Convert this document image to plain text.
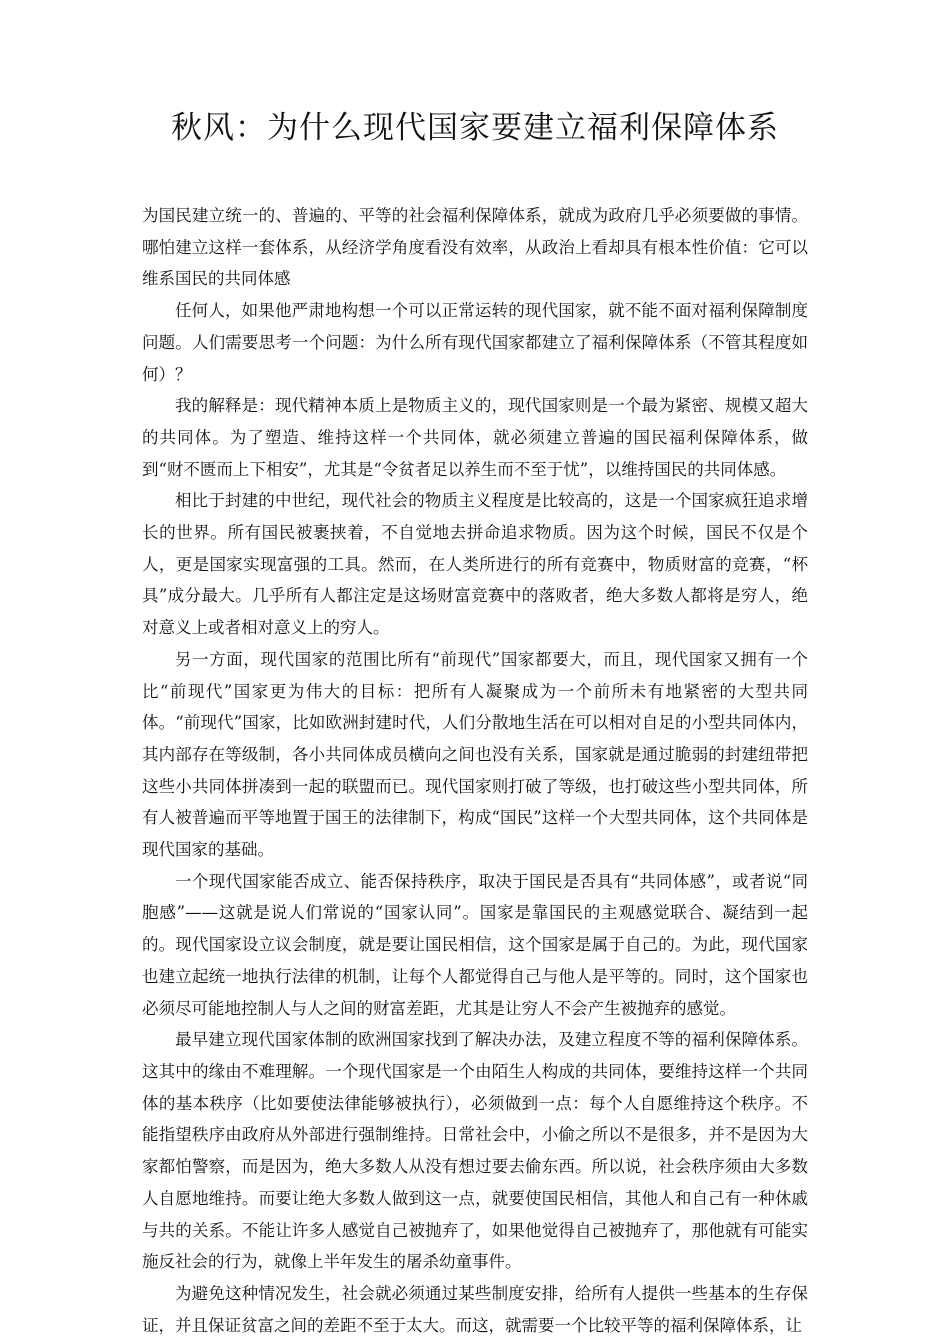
秋风：为什么现代国家要建立福利保障体系

为国民建立统一的、普遍的、平等的社会福利保障体系，就成为政府几乎必须要做的事情。哪怕建立这样一套体系，从经济学角度看没有效率，从政治上看却具有根本性价值：它可以维系国民的共同体感

任何人，如果他严肃地构想一个可以正常运转的现代国家，就不能不面对福利保障制度问题。人们需要思考一个问题：为什么所有现代国家都建立了福利保障体系（不管其程度如何）？

我的解释是：现代精神本质上是物质主义的，现代国家则是一个最为紧密、规模又超大的共同体。为了塑造、维持这样一个共同体，就必须建立普遍的国民福利保障体系，做到“财不匮而上下相安”，尤其是“令贫者足以养生而不至于忧”，以维持国民的共同体感。

相比于封建的中世纪，现代社会的物质主义程度是比较高的，这是一个国家疯狂追求增长的世界。所有国民被裹挟着，不自觉地去拼命追求物质。因为这个时候，国民不仅是个人，更是国家实现富强的工具。然而，在人类所进行的所有竞赛中，物质财富的竞赛，“杯具”成分最大。几乎所有人都注定是这场财富竞赛中的落败者，绝大多数人都将是穷人，绝对意义上或者相对意义上的穷人。

另一方面，现代国家的范围比所有“前现代”国家都要大，而且，现代国家又拥有一个比“前现代”国家更为伟大的目标：把所有人凝聚成为一个前所未有地紧密的大型共同体。“前现代”国家，比如欧洲封建时代，人们分散地生活在可以相对自足的小型共同体内，其内部存在等级制，各小共同体成员横向之间也没有关系，国家就是通过脆弱的封建纽带把这些小共同体拼凑到一起的联盟而已。现代国家则打破了等级，也打破这些小型共同体，所有人被普遍而平等地置于国王的法律制下，构成“国民”这样一个大型共同体，这个共同体是现代国家的基础。

一个现代国家能否成立、能否保持秩序，取决于国民是否具有“共同体感”，或者说“同胞感”——这就是说人们常说的“国家认同”。国家是靠国民的主观感觉联合、凝结到一起的。现代国家设立议会制度，就是要让国民相信，这个国家是属于自己的。为此，现代国家也建立起统一地执行法律的机制，让每个人都觉得自己与他人是平等的。同时，这个国家也必须尽可能地控制人与人之间的财富差距，尤其是让穷人不会产生被抛弃的感觉。

最早建立现代国家体制的欧洲国家找到了解决办法，及建立程度不等的福利保障体系。这其中的缘由不难理解。一个现代国家是一个由陌生人构成的共同体，要维持这样一个共同体的基本秩序（比如要使法律能够被执行），必须做到一点：每个人自愿维持这个秩序。不能指望秩序由政府从外部进行强制维持。日常社会中，小偷之所以不是很多，并不是因为大家都怕警察，而是因为，绝大多数人从没有想过要去偷东西。所以说，社会秩序须由大多数人自愿地维持。而要让绝大多数人做到这一点，就要使国民相信，其他人和自己有一种休戚与共的关系。不能让许多人感觉自己被抛弃了，如果他觉得自己被抛弃了，那他就有可能实施反社会的行为，就像上半年发生的屠杀幼童事件。

为避免这种情况发生，社会就必须通过某些制度安排，给所有人提供一些基本的生存保证，并且保证贫富之间的差距不至于太大。而这，就需要一个比较平等的福利保障体系，让
